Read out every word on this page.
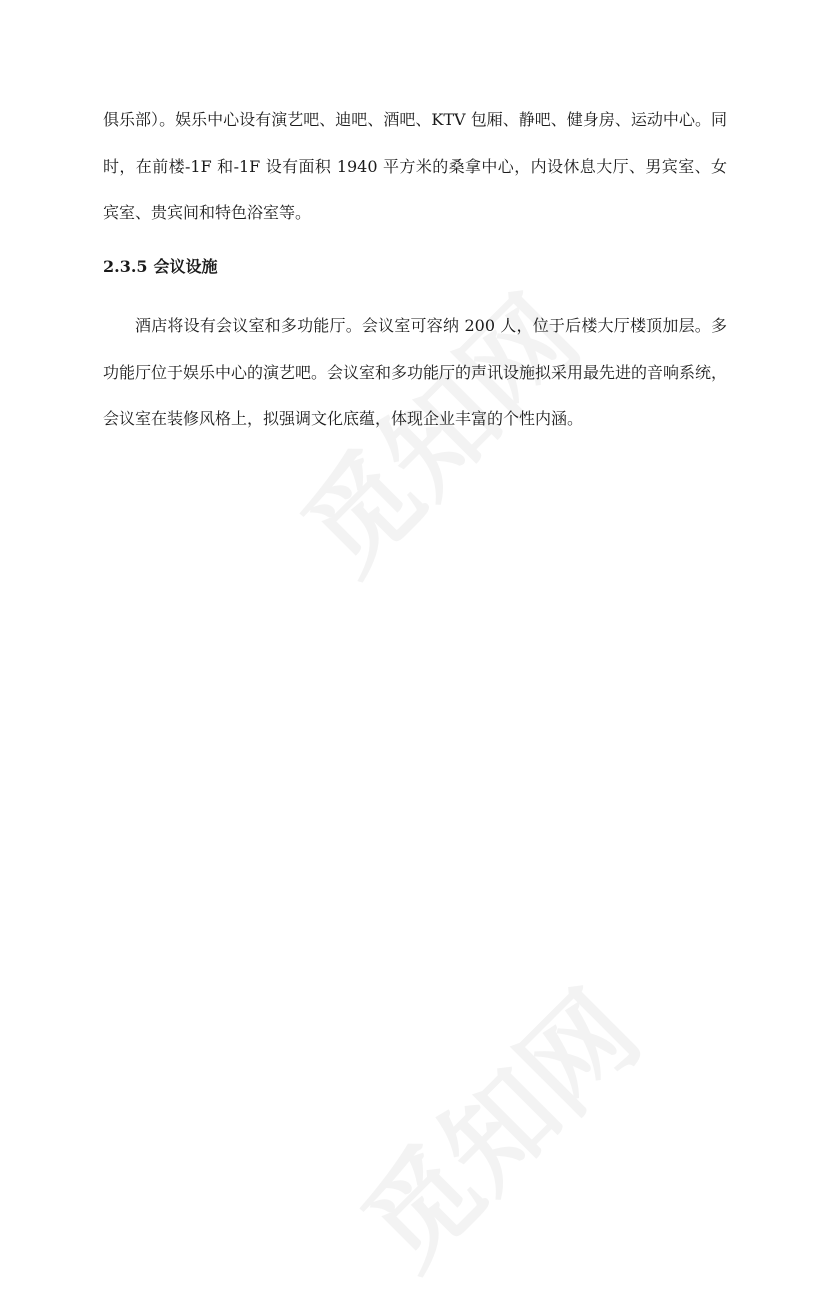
俱乐部）。娱乐中心设有演艺吧、迪吧、酒吧、KTV 包厢、静吧、健身房、运动中心。同时，在前楼-1F 和-1F 设有面积 1940 平方米的桑拿中心，内设休息大厅、男宾室、女宾室、贵宾间和特色浴室等。

2.3.5 会议设施

酒店将设有会议室和多功能厅。会议室可容纳 200 人，位于后楼大厅楼顶加层。多功能厅位于娱乐中心的演艺吧。会议室和多功能厅的声讯设施拟采用最先进的音响系统，会议室在装修风格上，拟强调文化底蕴，体现企业丰富的个性内涵。
